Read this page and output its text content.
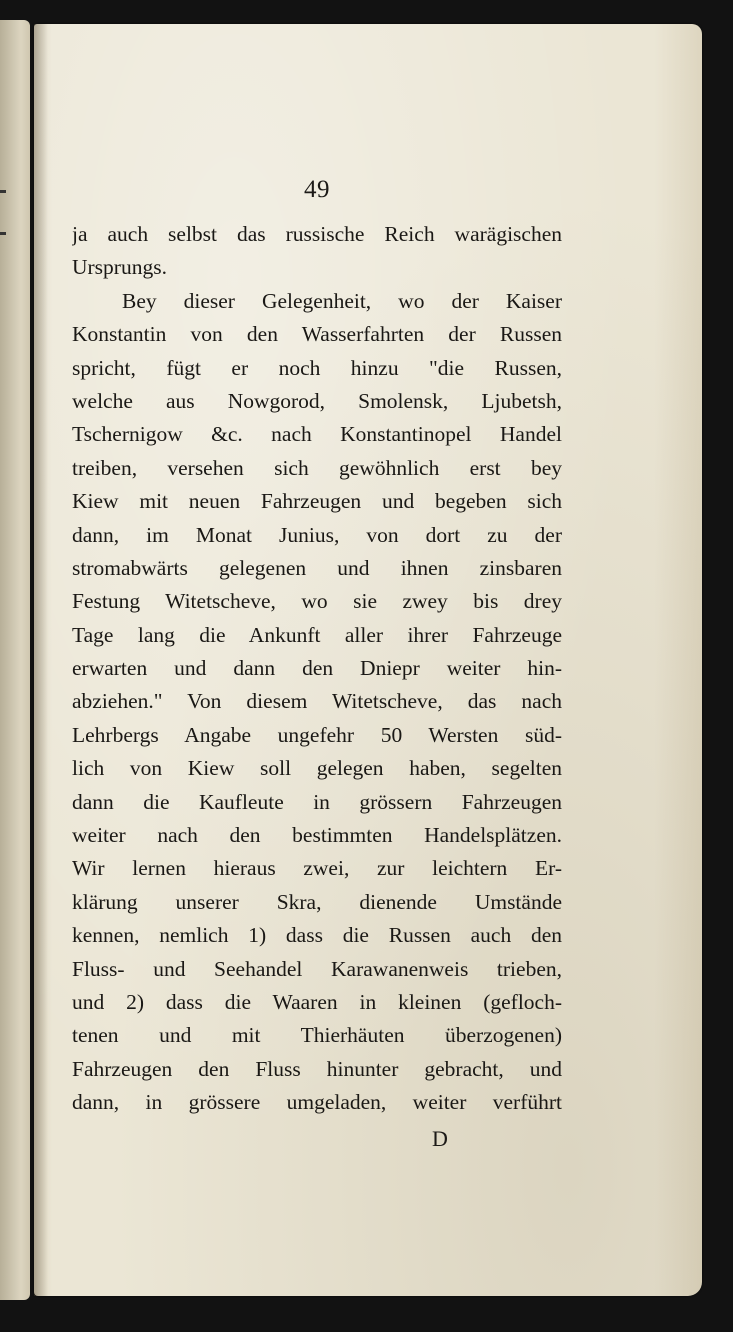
49
ja auch selbst das russische Reich warägischen
Ursprungs.
Bey dieser Gelegenheit, wo der Kaiser
Konstantin von den Wasserfahrten der Russen
spricht, fügt er noch hinzu "die Russen,
welche aus Nowgorod, Smolensk, Ljubetsh,
Tschernigow &c. nach Konstantinopel Handel
treiben, versehen sich gewöhnlich erst bey
Kiew mit neuen Fahrzeugen und begeben sich
dann, im Monat Junius, von dort zu der
stromabwärts gelegenen und ihnen zinsbaren
Festung Witetscheve, wo sie zwey bis drey
Tage lang die Ankunft aller ihrer Fahrzeuge
erwarten und dann den Dniepr weiter hin-
abziehen." Von diesem Witetscheve, das nach
Lehrbergs Angabe ungefehr 50 Wersten süd-
lich von Kiew soll gelegen haben, segelten
dann die Kaufleute in grössern Fahrzeugen
weiter nach den bestimmten Handelsplätzen.
Wir lernen hieraus zwei, zur leichtern Er-
klärung unserer Skra, dienende Umstände
kennen, nemlich 1) dass die Russen auch den
Fluss- und Seehandel Karawanenweis trieben,
und 2) dass die Waaren in kleinen (gefloch-
tenen und mit Thierhäuten überzogenen)
Fahrzeugen den Fluss hinunter gebracht, und
dann, in grössere umgeladen, weiter verführt
D
